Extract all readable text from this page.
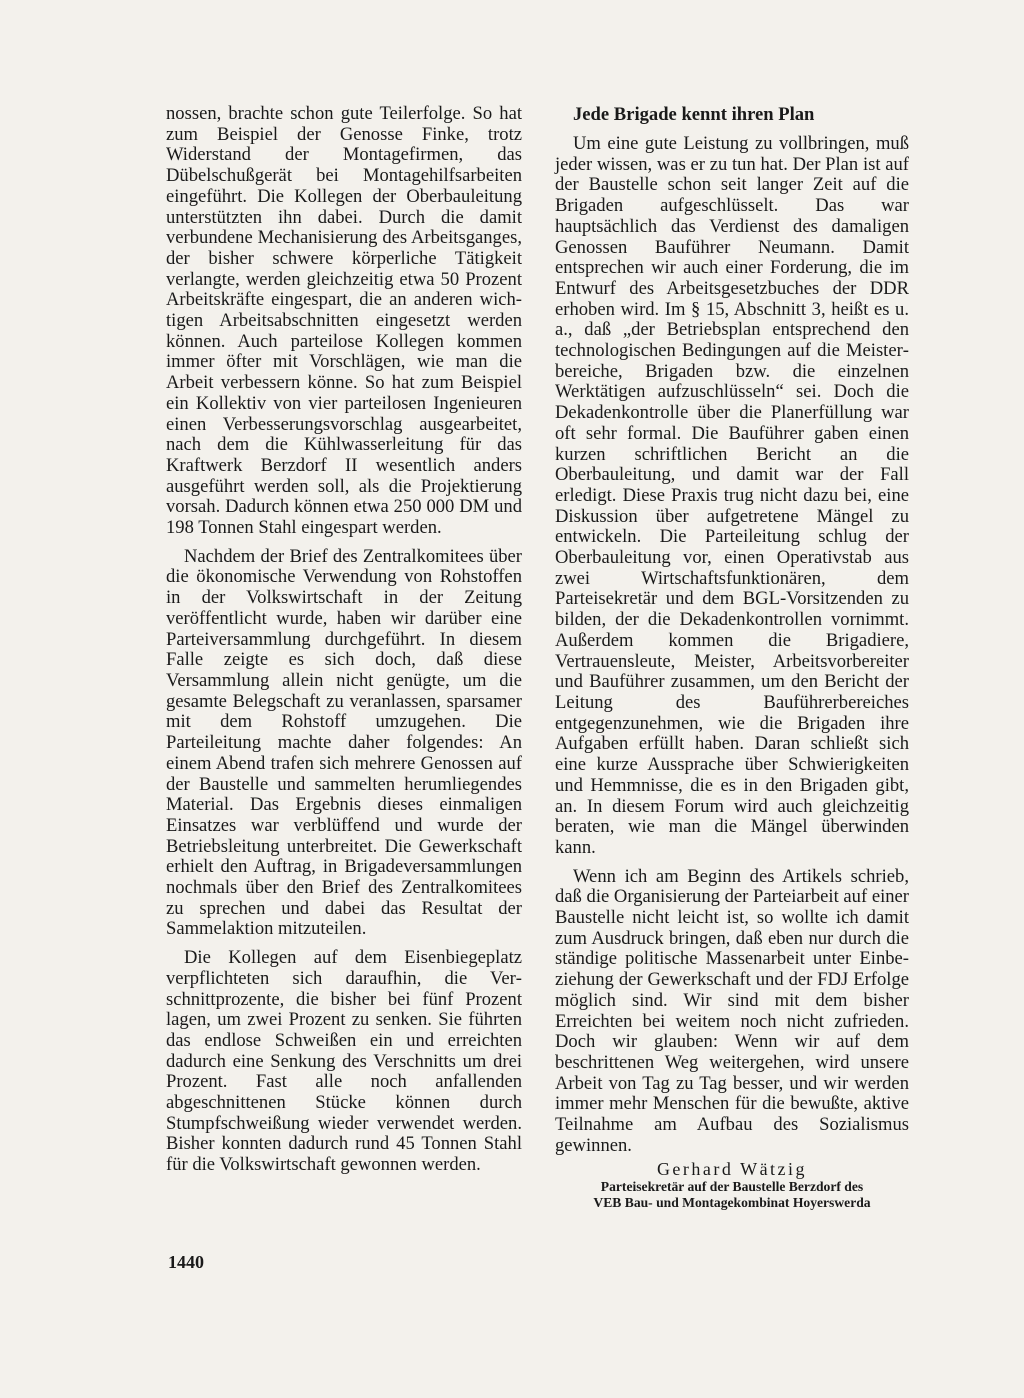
nossen, brachte schon gute Teilerfolge. So hat zum Beispiel der Genosse Finke, trotz Widerstand der Montagefirmen, das Dübelschußgerät bei Montagehilfsarbeiten eingeführt. Die Kollegen der Oberbauleitung unterstützten ihn dabei. Durch die damit verbundene Mechanisierung des Arbeitsganges, der bisher schwere körperliche Tätigkeit verlangte, werden gleichzeitig etwa 50 Prozent Arbeitskräfte eingespart, die an anderen wichtigen Arbeitsabschnitten eingesetzt werden können. Auch parteilose Kollegen kommen immer öfter mit Vorschlägen, wie man die Arbeit verbessern könne. So hat zum Beispiel ein Kollektiv von vier parteilosen Ingenieuren einen Verbesserungsvorschlag ausgearbeitet, nach dem die Kühlwasserleitung für das Kraftwerk Berzdorf II wesentlich anders ausgeführt werden soll, als die Projektierung vorsah. Dadurch können etwa 250 000 DM und 198 Tonnen Stahl eingespart werden.

Nachdem der Brief des Zentralkomitees über die ökonomische Verwendung von Rohstoffen in der Volkswirtschaft in der Zeitung veröffentlicht wurde, haben wir darüber eine Parteiversammlung durchgeführt. In diesem Falle zeigte es sich doch, daß diese Versammlung allein nicht genügte, um die gesamte Belegschaft zu veranlassen, sparsamer mit dem Rohstoff umzugehen. Die Parteileitung machte daher folgendes: An einem Abend trafen sich mehrere Genossen auf der Baustelle und sammelten herumliegendes Material. Das Ergebnis dieses einmaligen Einsatzes war verblüffend und wurde der Betriebsleitung unterbreitet. Die Gewerkschaft erhielt den Auftrag, in Brigadeversammlungen nochmals über den Brief des Zentralkomitees zu sprechen und dabei das Resultat der Sammelaktion mitzuteilen.

Die Kollegen auf dem Eisenbiegeplatz verpflichteten sich daraufhin, die Verschnittprozente, die bisher bei fünf Prozent lagen, um zwei Prozent zu senken. Sie führten das endlose Schweißen ein und erreichten dadurch eine Senkung des Verschnitts um drei Prozent. Fast alle noch anfallenden abgeschnittenen Stücke können durch Stumpfschweißung wieder verwendet werden. Bisher konnten dadurch rund 45 Tonnen Stahl für die Volkswirtschaft gewonnen werden.

Jede Brigade kennt ihren Plan

Um eine gute Leistung zu vollbringen, muß jeder wissen, was er zu tun hat. Der Plan ist auf der Baustelle schon seit langer Zeit auf die Brigaden aufgeschlüsselt. Das war hauptsächlich das Verdienst des damaligen Genossen Bauführer Neumann. Damit entsprechen wir auch einer Forderung, die im Entwurf des Arbeitsgesetzbuches der DDR erhoben wird. Im § 15, Abschnitt 3, heißt es u. a., daß „der Betriebsplan entsprechend den technologischen Bedingungen auf die Meisterbereiche, Brigaden bzw. die einzelnen Werktätigen aufzuschlüsseln“ sei. Doch die Dekadenkontrolle über die Planerfüllung war oft sehr formal. Die Bauführer gaben einen kurzen schriftlichen Bericht an die Oberbauleitung, und damit war der Fall erledigt. Diese Praxis trug nicht dazu bei, eine Diskussion über aufgetretene Mängel zu entwickeln. Die Parteileitung schlug der Oberbauleitung vor, einen Operativstab aus zwei Wirtschaftsfunktionären, dem Parteisekretär und dem BGL-Vorsitzenden zu bilden, der die Dekadenkontrollen vornimmt. Außerdem kommen die Brigadiere, Vertrauensleute, Meister, Arbeitsvorbereiter und Bauführer zusammen, um den Bericht der Leitung des Bauführerbereiches entgegenzunehmen, wie die Brigaden ihre Aufgaben erfüllt haben. Daran schließt sich eine kurze Aussprache über Schwierigkeiten und Hemmnisse, die es in den Brigaden gibt, an. In diesem Forum wird auch gleichzeitig beraten, wie man die Mängel überwinden kann.

Wenn ich am Beginn des Artikels schrieb, daß die Organisierung der Parteiarbeit auf einer Baustelle nicht leicht ist, so wollte ich damit zum Ausdruck bringen, daß eben nur durch die ständige politische Massenarbeit unter Einbeziehung der Gewerkschaft und der FDJ Erfolge möglich sind. Wir sind mit dem bisher Erreichten bei weitem noch nicht zufrieden. Doch wir glauben: Wenn wir auf dem beschrittenen Weg weitergehen, wird unsere Arbeit von Tag zu Tag besser, und wir werden immer mehr Menschen für die bewußte, aktive Teilnahme am Aufbau des Sozialismus gewinnen.

Gerhard Wätzig
Parteisekretär auf der Baustelle Berzdorf des
VEB Bau- und Montagekombinat Hoyerswerda
1440
